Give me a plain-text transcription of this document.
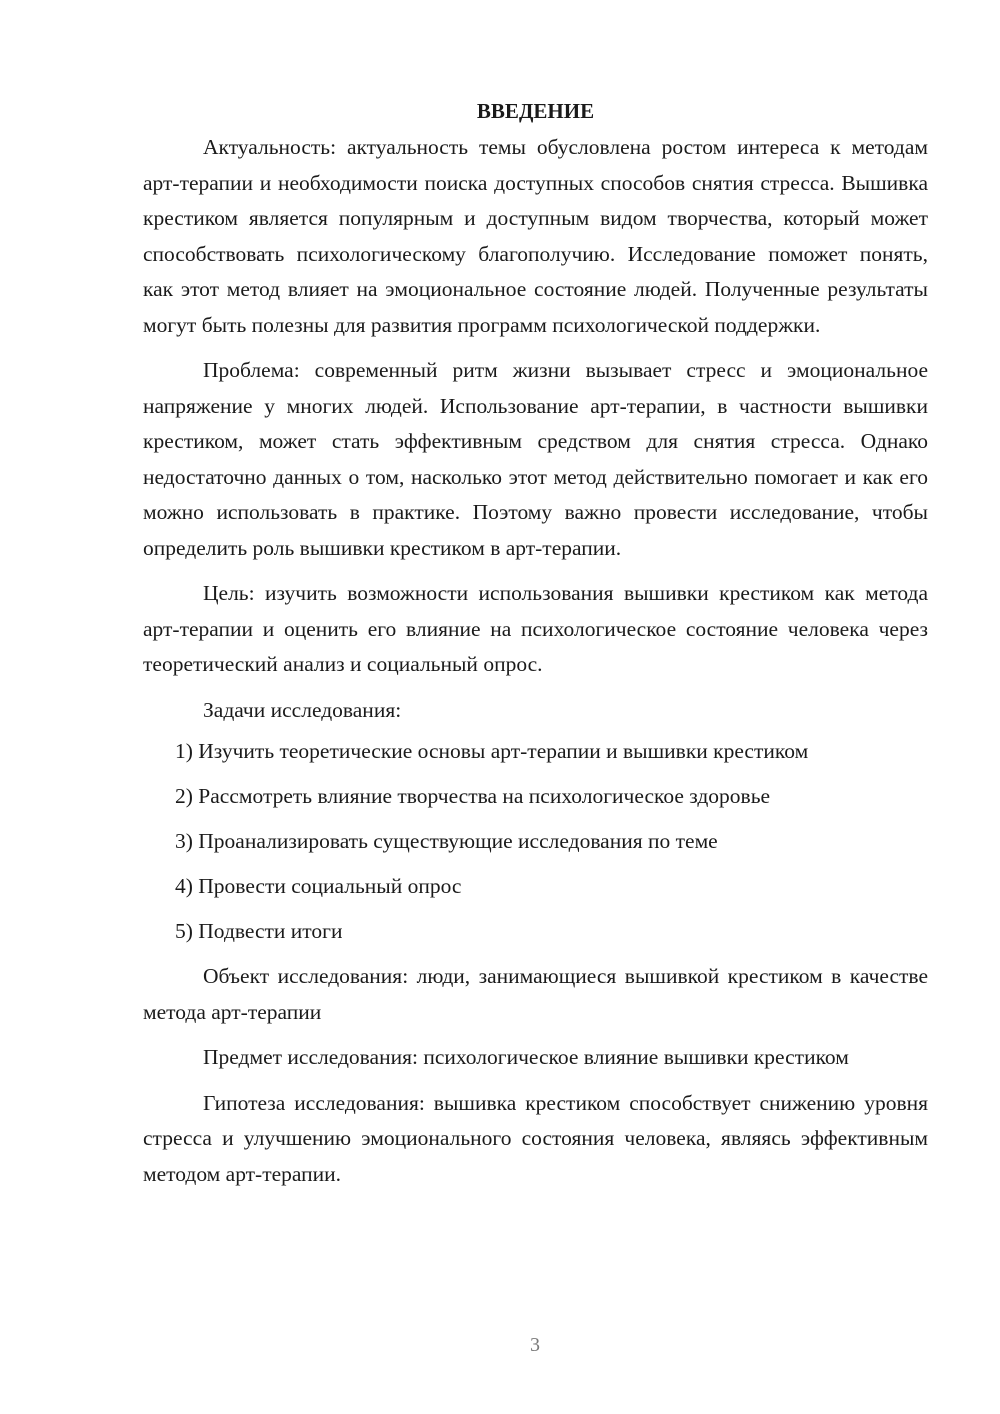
ВВЕДЕНИЕ

Актуальность: актуальность темы обусловлена ростом интереса к методам арт-терапии и необходимости поиска доступных способов снятия стресса. Вышивка крестиком является популярным и доступным видом творчества, который может способствовать психологическому благополучию. Исследование поможет понять, как этот метод влияет на эмоциональное состояние людей. Полученные результаты могут быть полезны для развития программ психологической поддержки.

Проблема: современный ритм жизни вызывает стресс и эмоциональное напряжение у многих людей. Использование арт-терапии, в частности вышивки крестиком, может стать эффективным средством для снятия стресса. Однако недостаточно данных о том, насколько этот метод действительно помогает и как его можно использовать в практике. Поэтому важно провести исследование, чтобы определить роль вышивки крестиком в арт-терапии.

Цель: изучить возможности использования вышивки крестиком как метода арт-терапии и оценить его влияние на психологическое состояние человека через теоретический анализ и социальный опрос.

Задачи исследования:

1) Изучить теоретические основы арт-терапии и вышивки крестиком
2) Рассмотреть влияние творчества на психологическое здоровье
3) Проанализировать существующие исследования по теме
4) Провести социальный опрос
5) Подвести итоги

Объект исследования: люди, занимающиеся вышивкой крестиком в качестве метода арт-терапии

Предмет исследования: психологическое влияние вышивки крестиком

Гипотеза исследования: вышивка крестиком способствует снижению уровня стресса и улучшению эмоционального состояния человека, являясь эффективным методом арт-терапии.

3
